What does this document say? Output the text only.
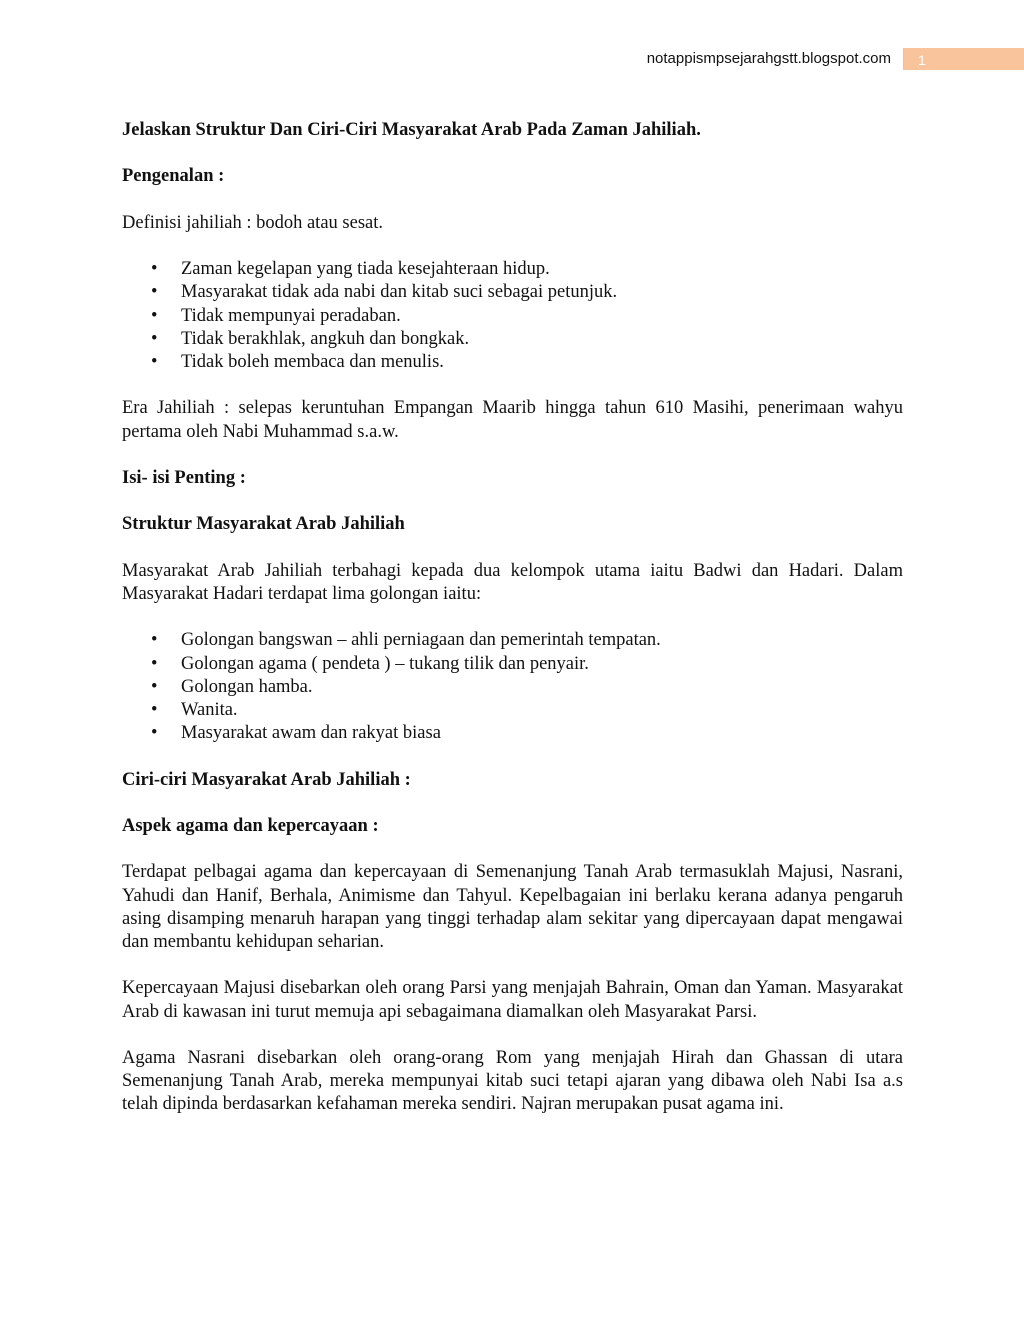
notappismpsejarahgstt.blogspot.com	1

Jelaskan Struktur Dan Ciri-Ciri Masyarakat Arab Pada Zaman Jahiliah.

Pengenalan :

Definisi jahiliah : bodoh atau sesat.

• Zaman kegelapan yang tiada kesejahteraan hidup.
• Masyarakat tidak ada nabi dan kitab suci sebagai petunjuk.
• Tidak mempunyai peradaban.
• Tidak berakhlak, angkuh dan bongkak.
• Tidak boleh membaca dan menulis.

Era Jahiliah : selepas keruntuhan Empangan Maarib hingga tahun 610 Masihi, penerimaan wahyu pertama oleh Nabi Muhammad s.a.w.

Isi- isi Penting :

Struktur Masyarakat Arab Jahiliah

Masyarakat Arab Jahiliah terbahagi kepada dua kelompok utama iaitu Badwi dan Hadari. Dalam Masyarakat Hadari terdapat lima golongan iaitu:

• Golongan bangswan – ahli perniagaan dan pemerintah tempatan.
• Golongan agama ( pendeta ) – tukang tilik dan penyair.
• Golongan hamba.
• Wanita.
• Masyarakat awam dan rakyat biasa

Ciri-ciri Masyarakat Arab Jahiliah :

Aspek agama dan kepercayaan :

Terdapat pelbagai agama dan kepercayaan di Semenanjung Tanah Arab termasuklah Majusi, Nasrani, Yahudi dan Hanif, Berhala, Animisme dan Tahyul. Kepelbagaian ini berlaku kerana adanya pengaruh asing disamping menaruh harapan yang tinggi terhadap alam sekitar yang dipercayaan dapat mengawai dan membantu kehidupan seharian.

Kepercayaan Majusi disebarkan oleh orang Parsi yang menjajah Bahrain, Oman dan Yaman. Masyarakat Arab di kawasan ini turut memuja api sebagaimana diamalkan oleh Masyarakat Parsi.

Agama Nasrani disebarkan oleh orang-orang Rom yang menjajah Hirah dan Ghassan di utara Semenanjung Tanah Arab, mereka mempunyai kitab suci tetapi ajaran yang dibawa oleh Nabi Isa a.s telah dipinda berdasarkan kefahaman mereka sendiri. Najran merupakan pusat agama ini.
